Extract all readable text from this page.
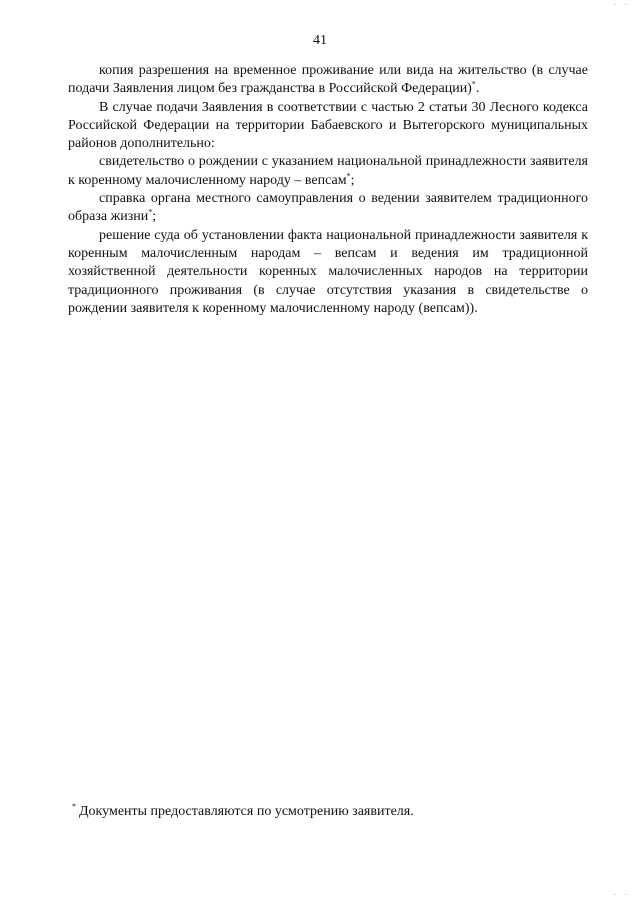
· ·
41

копия разрешения на временное проживание или вида на жительство (в случае подачи Заявления лицом без гражданства в Российской Федерации)*.

В случае подачи Заявления в соответствии с частью 2 статьи 30 Лесного кодекса Российской Федерации на территории Бабаевского и Вытегорского муниципальных районов дополнительно:

свидетельство о рождении с указанием национальной принадлежности заявителя к коренному малочисленному народу – вепсам*;

справка органа местного самоуправления о ведении заявителем традиционного образа жизни*;

решение суда об установлении факта национальной принадлежности заявителя к коренным малочисленным народам – вепсам и ведения им традиционной хозяйственной деятельности коренных малочисленных народов на территории традиционного проживания (в случае отсутствия указания в свидетельстве о рождении заявителя к коренному малочисленному народу (вепсам)).

* Документы предоставляются по усмотрению заявителя.
· ·
